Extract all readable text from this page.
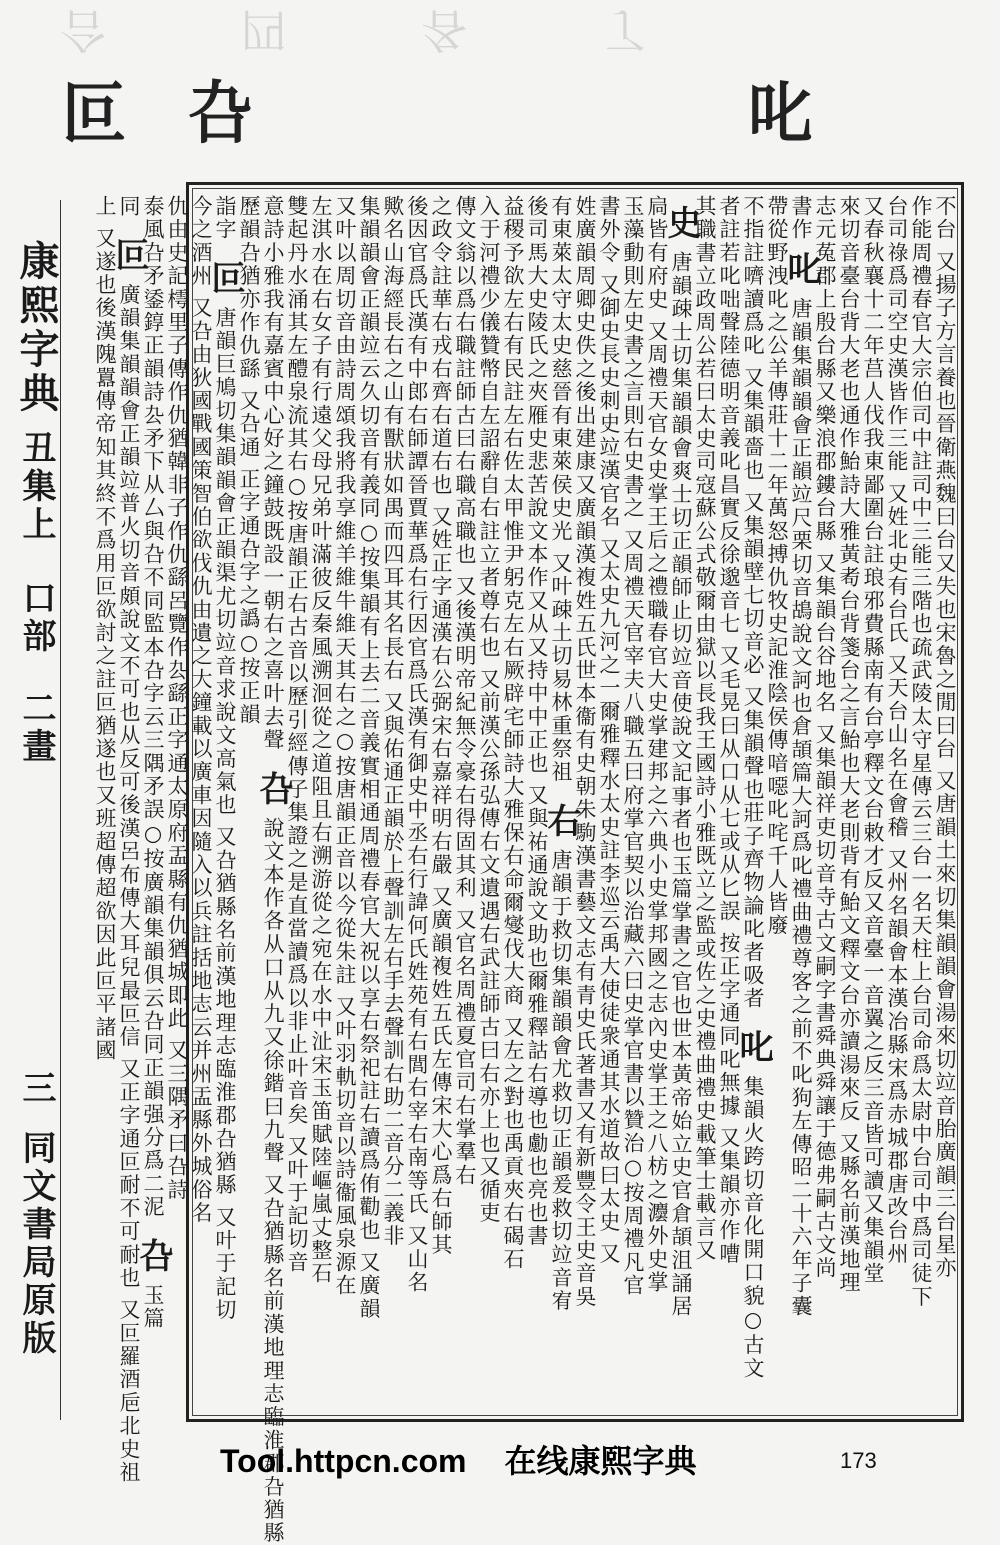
合 四 各 了
叵 叴	叱
康熙字典
丑集上
口部
二畫
三
同文書局原版	不台 又揚子方言養也晉衛燕魏曰台又失也宋魯之閒曰台 又唐韻土來切集韻韻會湯來切竝音胎廣韻三台星亦
作能周禮春官大宗伯司中註司中三能三階也疏武陵太守星傳云三台一名天柱上台司命爲太尉中台司中爲司徒下
台司祿爲司空史漢皆作三能 又姓北史有台氏 又天台山名在會稽 又州名韻會本漢冶縣宋爲赤城郡唐改台州
又春秋襄十二年莒人伐我東鄙圍台註琅邪費縣南有台亭釋文台敕才反又音臺一音翼之反三音皆可讀又集韻堂
來切音臺台背大老也通作鮐詩大雅黃耇台背箋台之言鮐也大老則背有鮐文釋文台亦讀湯來反 又縣名前漢地理
志元菟郡上殷台縣又樂浪郡鏤台縣 又集韻台谷地名 又集韻祥吏切音寺古文嗣字書舜典舜讓于德弗嗣古文尚
書作叱唐韻集韻韻會正韻竝尺栗切音鴣說文訶也倉頡篇大訶爲叱禮曲禮尊客之前不叱狗左傳昭二十六年子囊
帶從野洩叱之公羊傳莊十二年萬怒搏仇牧史記淮陰侯傳喑噁叱咤千人皆廢
不指註嚌讀爲叱 又集韻嗇也 又集韻壁七切音必 又集韻聲也莊子齊物論叱者吸者 叱集韻火跨切音化開口貌○古文
者註若叱咄聲陸德明音義叱昌實反徐邈音七 又毛晃曰从口从七或从匕誤 按正字通同叱無據 又集韻亦作嘈
其職書立政周公若曰太史司寇蘇公式敬爾由獄以長我王國詩小雅既立之監或佐之史禮曲禮史載筆士載言又
史唐韻疎士切集韻韻會爽士切正韻師止切竝音使說文記事者也玉篇掌書之官也世本黃帝始立史官倉頡沮誦居
扃皆有府史 又周禮天官女史掌王后之禮職春官大史掌建邦之六典小史掌邦國之志內史掌王之八枋之灋外史掌
玉藻動則左史書之言則右史書之 又周禮天官宰夫八職五曰府掌官契以治藏六曰史掌官書以贊治○按周禮凡官
書外令 又御史長史刺史竝漢官名 又太史九河之一爾雅釋水太史註李巡云禹大使徒衆通其水道故曰太史 又
姓廣韻周卿史佚之後出建康又廣韻漢複姓五氏世本衞有史朝朱駒漢書藝文志有青史氏著書又有新豐令王史音吳
有東萊太守太史慈晉有東萊侯史光 又叶疎土切易林重祭祖 右唐韻于救切集韻韻會尤救切正韻爰救切竝音宥
後司馬大史陵氏之夾雁史悲苦說文本作又从又持中中正也 又與祐通說文助也爾雅釋詁右導也勴也亮也書
益稷予欲左右有民註左右佐太甲惟尹躬克左右厥辟宅師詩大雅保右命爾燮伐大商 又左之對也禹貢夾右碣石
入于河禮少儀贊幣自左詔辭自右註立者尊右也 又前漢公孫弘傳右文遺遇右武註師古曰右亦上也又循吏
傳文翁以爲右職註師古曰右職高職也 又後漢明帝紀無令豪右得固其利 又官名周禮夏官司右掌羣右
之政令註華右戎右齊右道右也 又姓正字通漢右公弼宋右嘉祥明右嚴 又廣韻複姓五氏左傳宋大心爲右師其
後因官爲氏漢有中郎右師譚晉賈華爲右行因官爲氏漢有御史中丞右行諱何氏姓苑有右閭右宰右南等氏 又山名
歟名山海經長右之山有獸狀如禺而四耳其名長右 又與佑通正韻於上聲訓左右手去聲訓右助二音分二義非
集韻韻會正韻竝云久切音有義同○按集韻有上去二音義實相通周禮春官大祝以享右祭祀註右讀爲侑勸也 又廣韻
又叶以周切音由詩周頌我將我享維羊維牛維天其右之○按唐韻正音以今從朱註 又叶羽軌切音以詩衞風泉源在
左淇水在右女子有行遠父母兄弟叶滿彼反秦風溯洄從之道阻且右溯游從之宛在水中沚宋玉笛賦陸嶇嵐丈整石
雙起丹水涌其左醴泉流其右○按唐韻正右古音以歷引經傳子集證之是直當讀爲以非止叶音矣 又叶于記切音
意詩小雅我有嘉賓中心好之鐘鼓既設一朝右之喜叶去聲 叴說文本作各从口从九又徐鍇曰九聲 又叴猶縣名前漢地理志臨淮郡叴猶縣
歷韻叴猶亦作仇繇 又叴通 正字通叴字之譌○按正韻
詣字 叵唐韻巨鳩切集韻韻會正韻渠尤切竝音求說文高氣也 又叴猶縣名前漢地理志臨淮郡叴猶縣 又叶于記切
今之酒州 又叴由狄國戰國策智伯欲伐仇由遺之大鐘載以廣車因隨入以兵註括地志云并州盂縣外城俗名
仇由史記樗里子傳作仇猶韓非子作仇繇呂覽作厹繇正字通太原府盂縣有仇猶城即此 又三隅矛曰叴詩
泰風叴矛鋈錞正韻詩厹矛下从厶與叴不同監本叴字云三隅矛誤○按廣韻集韻俱云叴同正韻强分爲二泥 叴玉篇
同 叵廣韻集韻韻會正韻竝普火切音頗說文不可也从反可後漢呂布傳大耳兒最叵信 又正字通叵耐不可耐也 又叵羅酒巵北史祖
上 又遂也後漢隗囂傳帝知其終不爲用叵欲討之註叵猶遂也又班超傳超欲因此叵平諸國
Tool.httpcn.com 在线康熙字典	173
